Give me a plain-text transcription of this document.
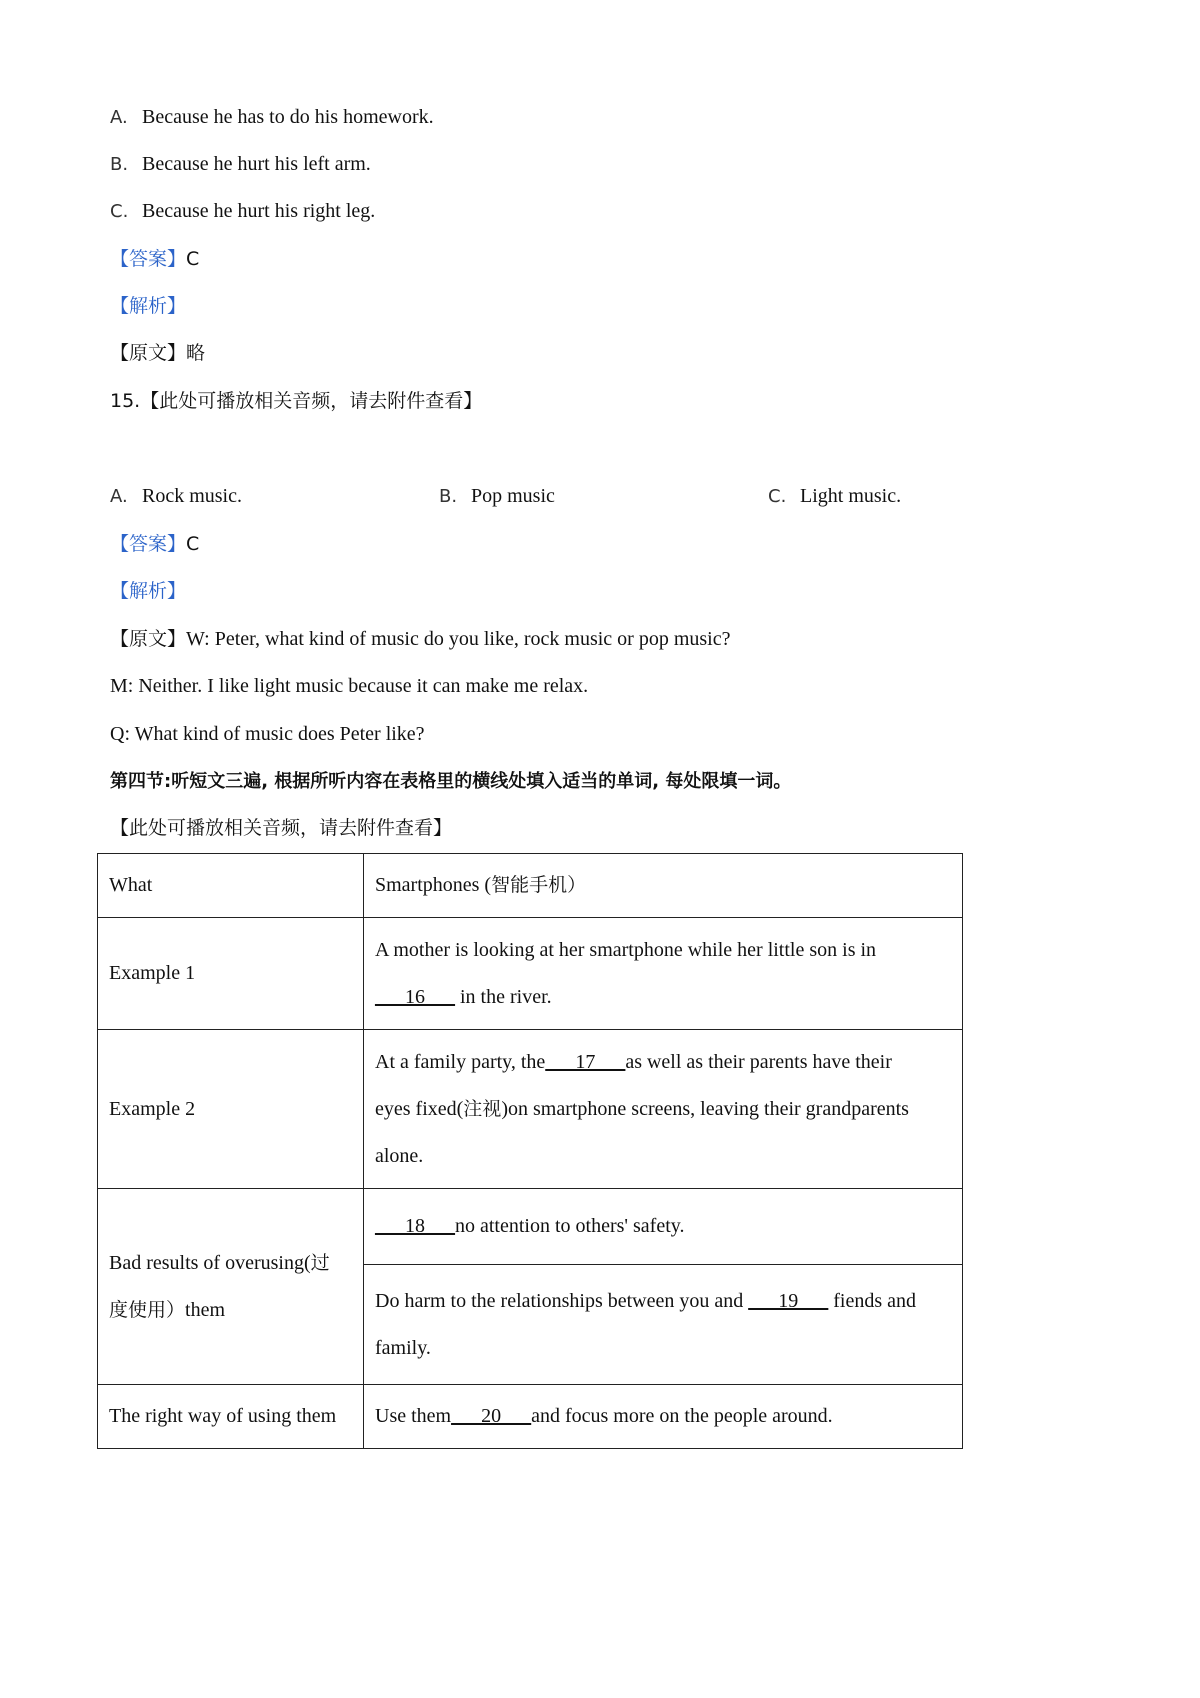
A. Because he has to do his homework.
B. Because he hurt his left arm.
C. Because he hurt his right leg.
【答案】C
【解析】
【原文】略
15.【此处可播放相关音频，请去附件查看】
A. Rock music.	B. Pop music	C. Light music.
【答案】C
【解析】
【原文】W: Peter, what kind of music do you like, rock music or pop music?
M: Neither. I like light music because it can make me relax.
Q: What kind of music does Peter like?
第四节:听短文三遍, 根据所听内容在表格里的横线处填入适当的单词, 每处限填一词。
【此处可播放相关音频，请去附件查看】
What	Smartphones (智能手机）
Example 1	A mother is looking at her smartphone while her little son is in
___16___ in the river.
Example 2	At a family party, the___17___as well as their parents have their
eyes fixed(注视)on smartphone screens, leaving their grandparents
alone.
Bad results of overusing(过
度使用）them	___18___no attention to others' safety.
	Do harm to the relationships between you and ___19___ fiends and
family.
The right way of using them	Use them___20___and focus more on the people around.
